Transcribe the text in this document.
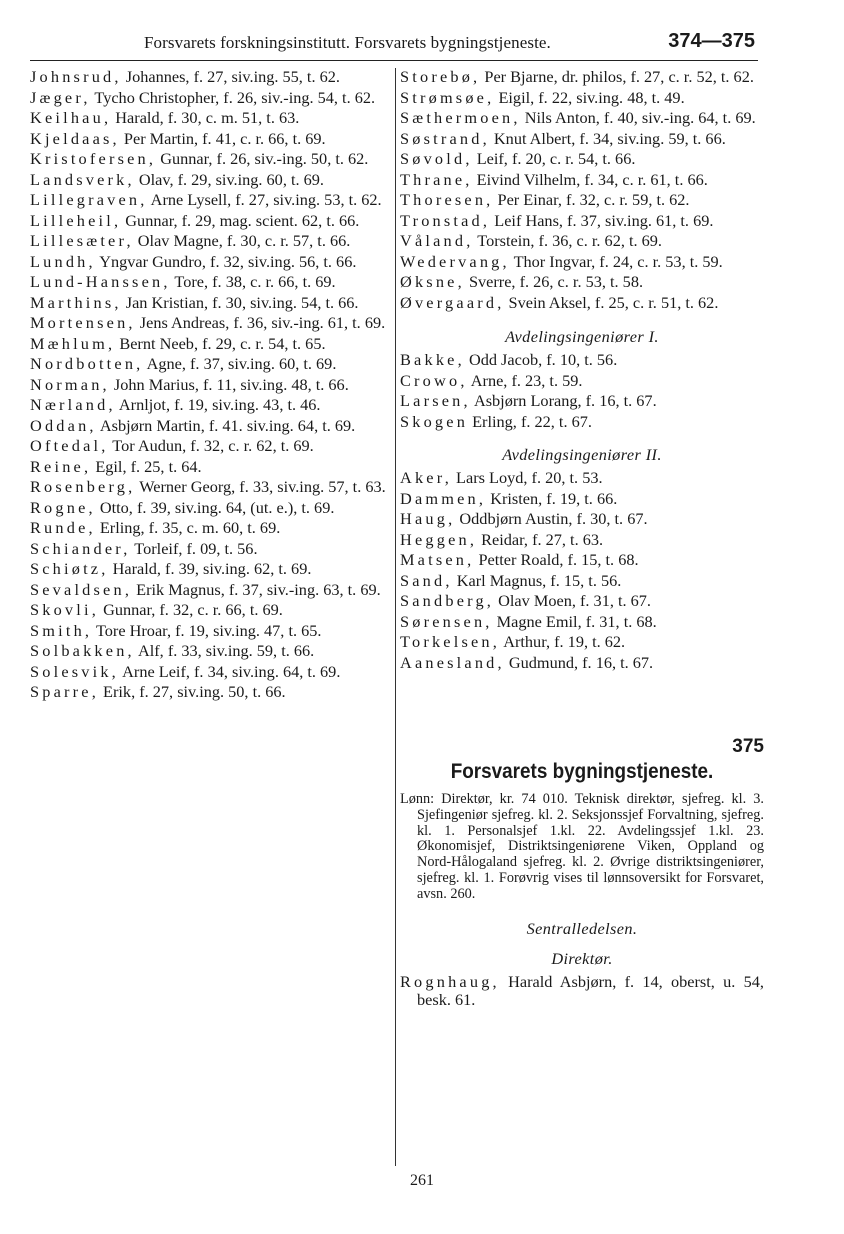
Forsvarets forskningsinstitutt. Forsvarets bygningstjeneste.	374—375

Johnsrud, Johannes, f. 27, siv.ing. 55, t. 62.

Jæger, Tycho Christopher, f. 26, siv.-ing. 54, t. 62.

Keilhau, Harald, f. 30, c. m. 51, t. 63.

Kjeldaas, Per Martin, f. 41, c. r. 66, t. 69.

Kristofersen, Gunnar, f. 26, siv.-ing. 50, t. 62.

Landsverk, Olav, f. 29, siv.ing. 60, t. 69.

Lillegraven, Arne Lysell, f. 27, siv.ing. 53, t. 62.

Lilleheil, Gunnar, f. 29, mag. scient. 62, t. 66.

Lillesæter, Olav Magne, f. 30, c. r. 57, t. 66.

Lundh, Yngvar Gundro, f. 32, siv.ing. 56, t. 66.

Lund-Hanssen, Tore, f. 38, c. r. 66, t. 69.

Marthins, Jan Kristian, f. 30, siv.ing. 54, t. 66.

Mortensen, Jens Andreas, f. 36, siv.-ing. 61, t. 69.

Mæhlum, Bernt Neeb, f. 29, c. r. 54, t. 65.

Nordbotten, Agne, f. 37, siv.ing. 60, t. 69.

Norman, John Marius, f. 11, siv.ing. 48, t. 66.

Nærland, Arnljot, f. 19, siv.ing. 43, t. 46.

Oddan, Asbjørn Martin, f. 41. siv.ing. 64, t. 69.

Oftedal, Tor Audun, f. 32, c. r. 62, t. 69.

Reine, Egil, f. 25, t. 64.

Rosenberg, Werner Georg, f. 33, siv.ing. 57, t. 63.

Rogne, Otto, f. 39, siv.ing. 64, (ut. e.), t. 69.

Runde, Erling, f. 35, c. m. 60, t. 69.

Schiander, Torleif, f. 09, t. 56.

Schiøtz, Harald, f. 39, siv.ing. 62, t. 69.

Sevaldsen, Erik Magnus, f. 37, siv.-ing. 63, t. 69.

Skovli, Gunnar, f. 32, c. r. 66, t. 69.

Smith, Tore Hroar, f. 19, siv.ing. 47, t. 65.

Solbakken, Alf, f. 33, siv.ing. 59, t. 66.

Solesvik, Arne Leif, f. 34, siv.ing. 64, t. 69.

Sparre, Erik, f. 27, siv.ing. 50, t. 66.

Storebø, Per Bjarne, dr. philos, f. 27, c. r. 52, t. 62.

Strømsøe, Eigil, f. 22, siv.ing. 48, t. 49.

Sæthermoen, Nils Anton, f. 40, siv.-ing. 64, t. 69.

Søstrand, Knut Albert, f. 34, siv.ing. 59, t. 66.

Søvold, Leif, f. 20, c. r. 54, t. 66.

Thrane, Eivind Vilhelm, f. 34, c. r. 61, t. 66.

Thoresen, Per Einar, f. 32, c. r. 59, t. 62.

Tronstad, Leif Hans, f. 37, siv.ing. 61, t. 69.

Våland, Torstein, f. 36, c. r. 62, t. 69.

Wedervang, Thor Ingvar, f. 24, c. r. 53, t. 59.

Øksne, Sverre, f. 26, c. r. 53, t. 58.

Øvergaard, Svein Aksel, f. 25, c. r. 51, t. 62.

Avdelingsingeniører I.

Bakke, Odd Jacob, f. 10, t. 56.

Crowo, Arne, f. 23, t. 59.

Larsen, Asbjørn Lorang, f. 16, t. 67.

Skogen Erling, f. 22, t. 67.

Avdelingsingeniører II.

Aker, Lars Loyd, f. 20, t. 53.

Dammen, Kristen, f. 19, t. 66.

Haug, Oddbjørn Austin, f. 30, t. 67.

Heggen, Reidar, f. 27, t. 63.

Matsen, Petter Roald, f. 15, t. 68.

Sand, Karl Magnus, f. 15, t. 56.

Sandberg, Olav Moen, f. 31, t. 67.

Sørensen, Magne Emil, f. 31, t. 68.

Torkelsen, Arthur, f. 19, t. 62.

Aanesland, Gudmund, f. 16, t. 67.

375
Forsvarets bygningstjeneste.

Lønn: Direktør, kr. 74 010. Teknisk direktør, sjefreg. kl. 3. Sjefingeniør sjefreg. kl. 2. Seksjonssjef Forvaltning, sjefreg. kl. 1. Personalsjef 1.kl. 22. Avdelingssjef 1.kl. 23. Økonomisjef, Distriktsingeniørene Viken, Oppland og Nord-Hålogaland sjefreg. kl. 2. Øvrige distriktsingeniører, sjefreg. kl. 1. Forøvrig vises til lønnsoversikt for Forsvaret, avsn. 260.

Sentralledelsen.
Direktør.

Rognhaug, Harald Asbjørn, f. 14, oberst, u. 54, besk. 61.

261
